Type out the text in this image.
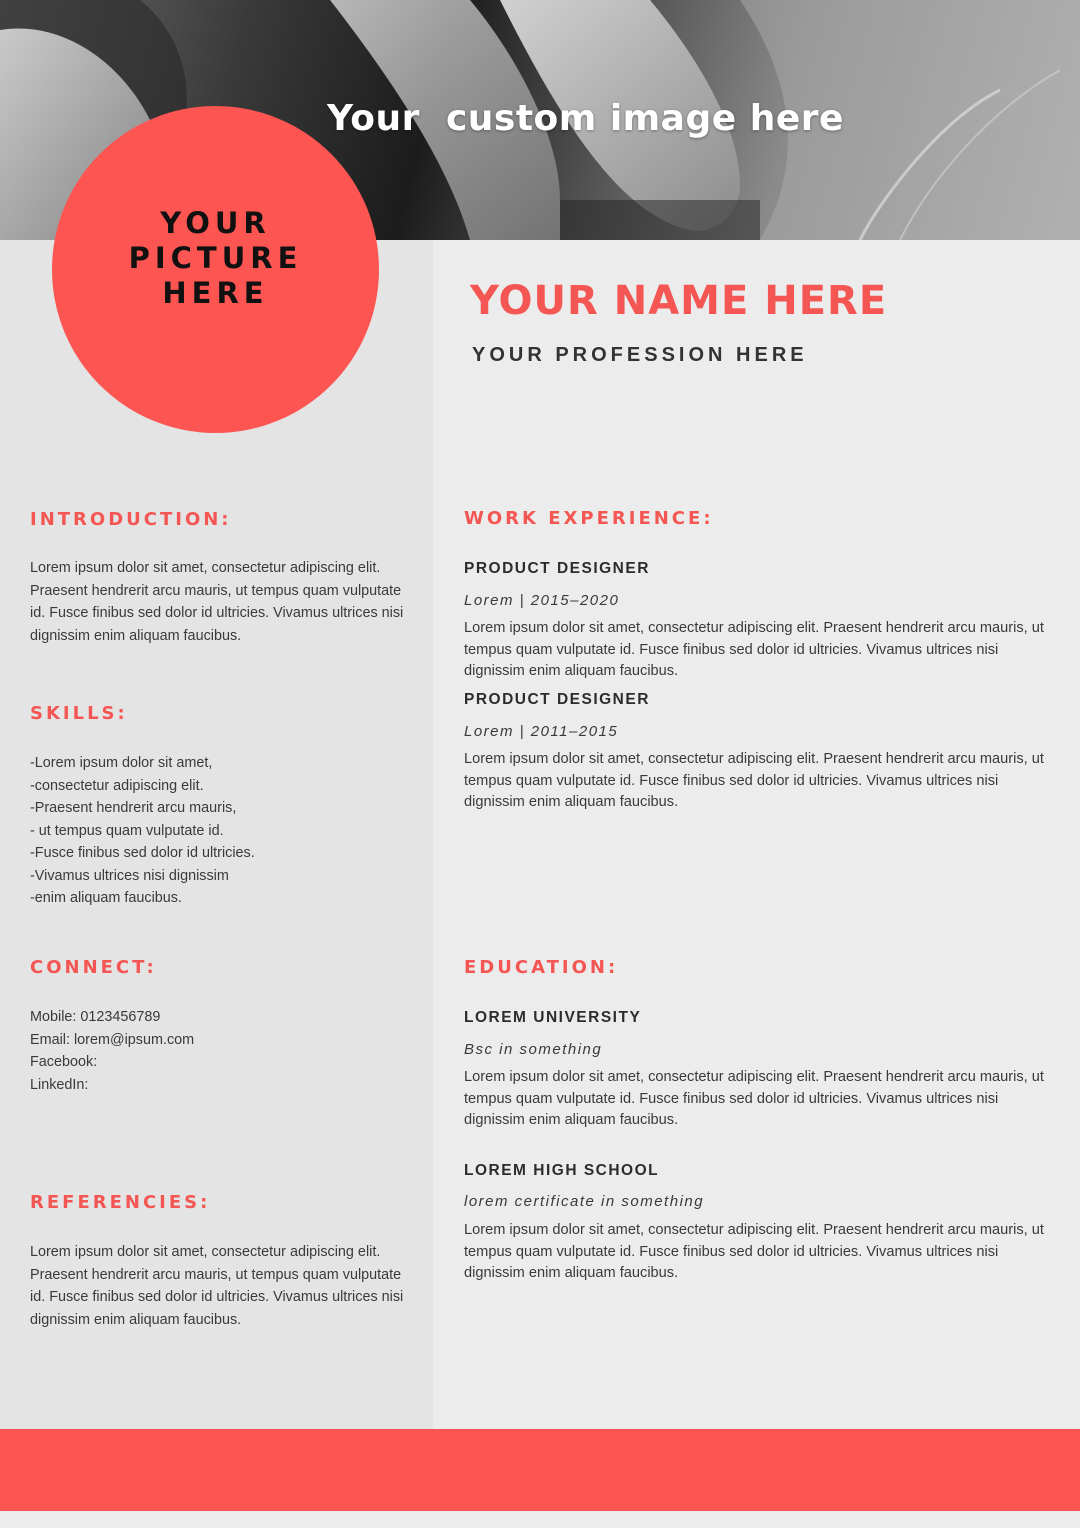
Your  custom image here
YOUR
PICTURE
HERE	YOUR NAME HERE
YOUR PROFESSION HERE
INTRODUCTION:
Lorem ipsum dolor sit amet, consectetur adipiscing elit. Praesent hendrerit arcu mauris, ut tempus quam vulputate id. Fusce finibus sed dolor id ultricies. Vivamus ultrices nisi dignissim enim aliquam faucibus.
SKILLS:
-Lorem ipsum dolor sit amet,
-consectetur adipiscing elit.
-Praesent hendrerit arcu mauris,
- ut tempus quam vulputate id.
-Fusce finibus sed dolor id ultricies.
-Vivamus ultrices nisi dignissim
-enim aliquam faucibus.
CONNECT:
Mobile: 0123456789
Email: lorem@ipsum.com
Facebook:
LinkedIn:
REFERENCIES:
Lorem ipsum dolor sit amet, consectetur adipiscing elit. Praesent hendrerit arcu mauris, ut tempus quam vulputate id. Fusce finibus sed dolor id ultricies. Vivamus ultrices nisi dignissim enim aliquam faucibus.
WORK EXPERIENCE:
PRODUCT DESIGNER
Lorem | 2015–2020
Lorem ipsum dolor sit amet, consectetur adipiscing elit. Praesent hendrerit arcu mauris, ut tempus quam vulputate id. Fusce finibus sed dolor id ultricies. Vivamus ultrices nisi dignissim enim aliquam faucibus.
PRODUCT DESIGNER
Lorem | 2011–2015
Lorem ipsum dolor sit amet, consectetur adipiscing elit. Praesent hendrerit arcu mauris, ut tempus quam vulputate id. Fusce finibus sed dolor id ultricies. Vivamus ultrices nisi dignissim enim aliquam faucibus.
EDUCATION:
LOREM UNIVERSITY
Bsc in something
Lorem ipsum dolor sit amet, consectetur adipiscing elit. Praesent hendrerit arcu mauris, ut tempus quam vulputate id. Fusce finibus sed dolor id ultricies. Vivamus ultrices nisi dignissim enim aliquam faucibus.
LOREM HIGH SCHOOL
lorem certificate in something
Lorem ipsum dolor sit amet, consectetur adipiscing elit. Praesent hendrerit arcu mauris, ut tempus quam vulputate id. Fusce finibus sed dolor id ultricies. Vivamus ultrices nisi dignissim enim aliquam faucibus.
